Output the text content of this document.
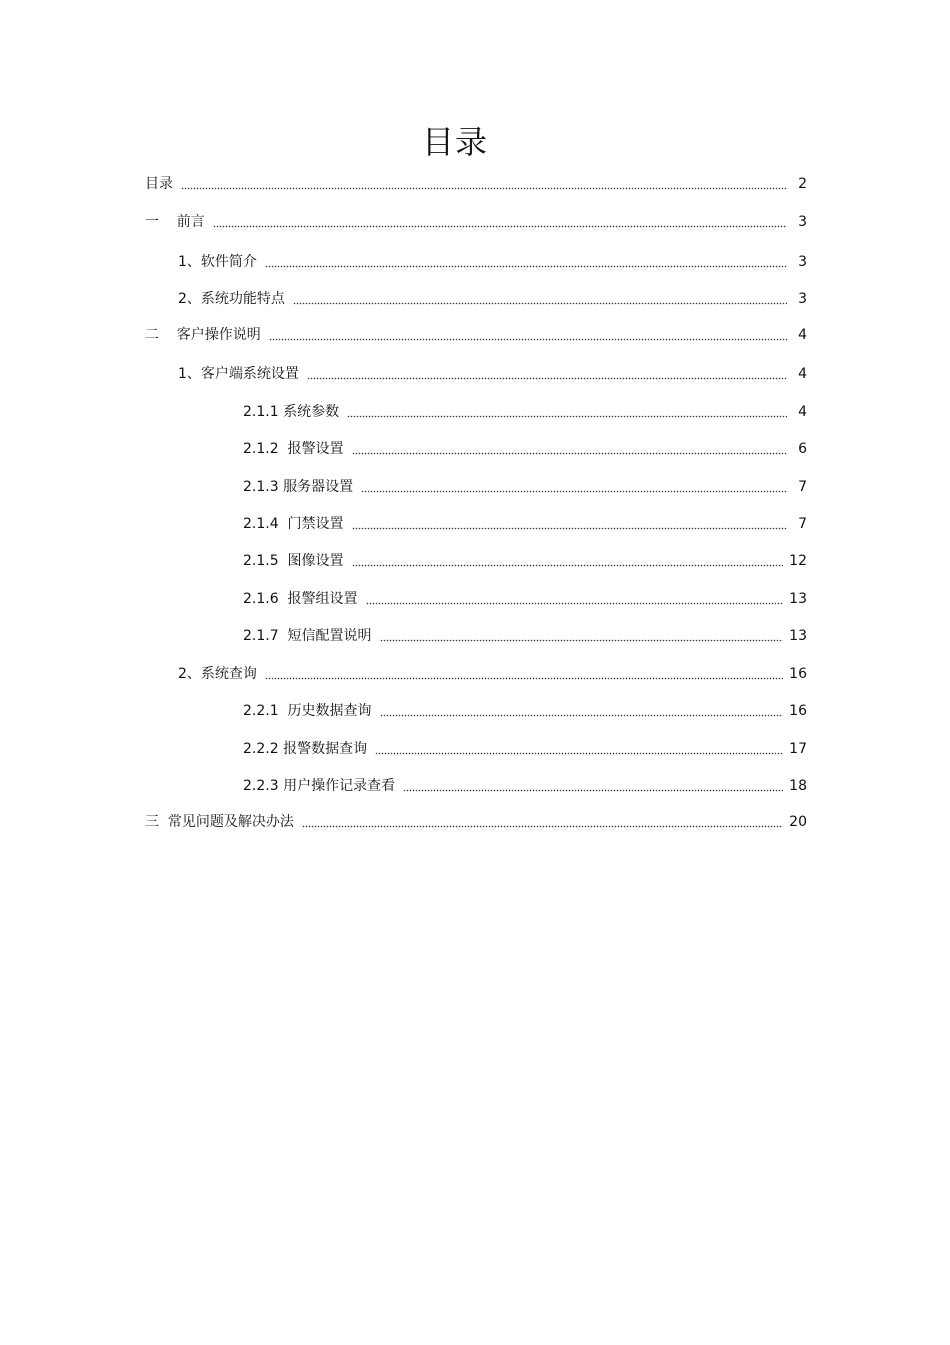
目录
目录	2
一    前言	3
1、软件简介	3
2、系统功能特点	3
二    客户操作说明	4
1、客户端系统设置	4
2.1.1 系统参数	4
2.1.2  报警设置	6
2.1.3 服务器设置	7
2.1.4  门禁设置	7
2.1.5  图像设置	12
2.1.6  报警组设置	13
2.1.7  短信配置说明	13
2、系统查询	16
2.2.1  历史数据查询	16
2.2.2 报警数据查询	17
2.2.3 用户操作记录查看	18
三  常见问题及解决办法	20
